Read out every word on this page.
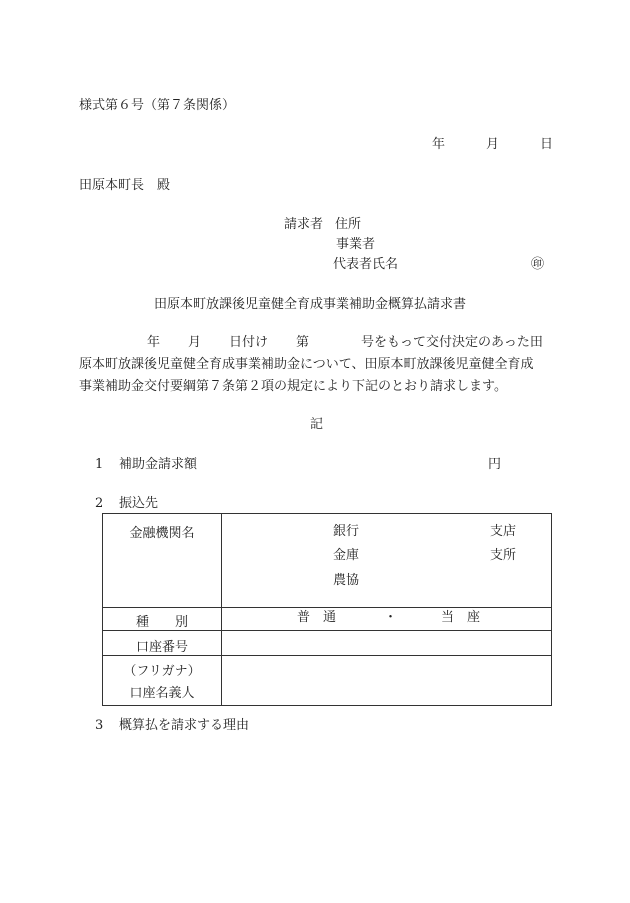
様式第６号（第７条関係）
年	月	日
田原本町長　殿
請求者 住所
事業者
代表者氏名	㊞
田原本町放課後児童健全育成事業補助金概算払請求書
年 月 日付け 第	号をもって交付決定のあった田
原本町放課後児童健全育成事業補助金について、田原本町放課後児童健全育成
事業補助金交付要綱第７条第２項の規定により下記のとおり請求します。
記
1 補助金請求額	円
2 振込先
金融機関名	銀行 支店
金庫 支所
農協

種　　別	普　通 ・ 当　座

口座番号	

（フリガナ）
口座名義人	

3 概算払を請求する理由
